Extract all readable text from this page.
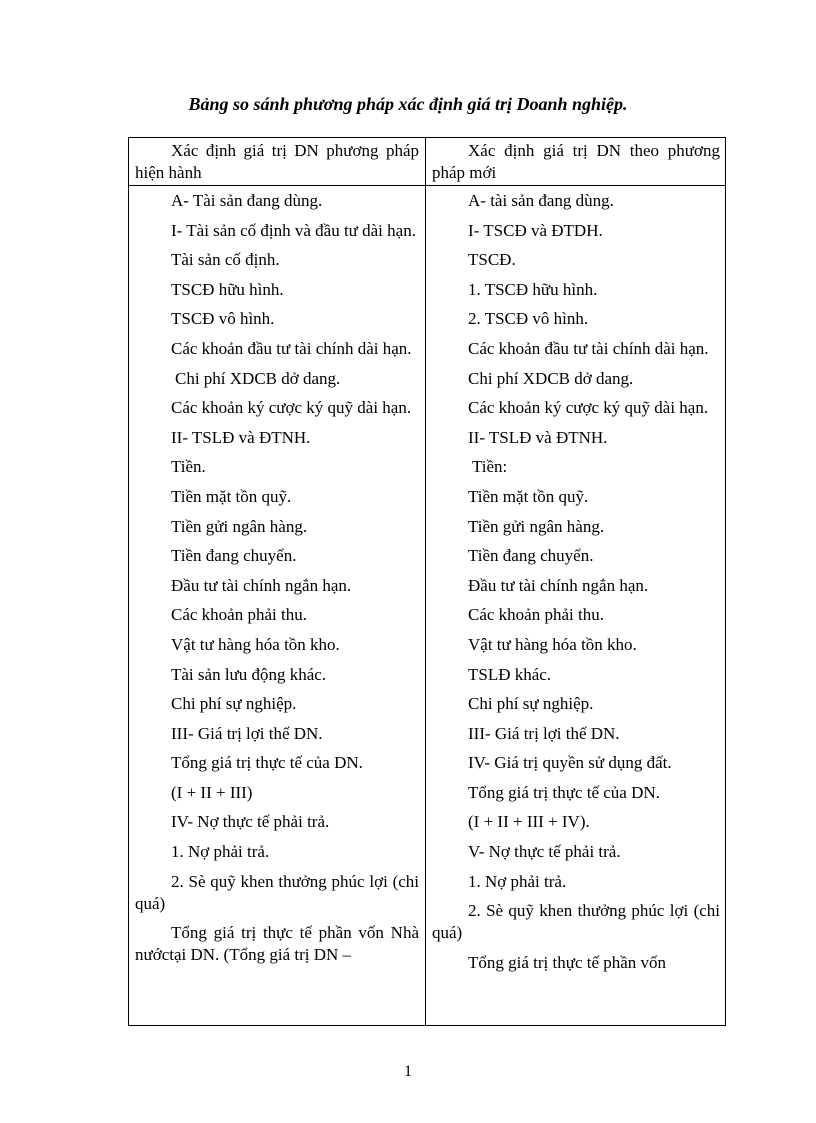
Bảng so sánh phương pháp xác định giá trị Doanh nghiệp.
Xác định giá trị DN phương pháp hiện hành
Xác định giá trị DN theo phương pháp mới
A- Tài sản đang dùng.
I- Tài sản cố định và đầu tư dài hạn.
Tài sản cố định.
TSCĐ hữu hình.
TSCĐ vô hình.
Các khoản đầu tư tài chính dài hạn.
Chi phí XDCB dở dang.
Các khoản ký cược ký quỹ dài hạn.
II- TSLĐ và ĐTNH.
Tiền.
Tiền mặt tồn quỹ.
Tiền gửi ngân hàng.
Tiền đang chuyển.
Đầu tư tài chính ngắn hạn.
Các khoản phải thu.
Vật tư hàng hóa tồn kho.
Tài sản lưu động khác.
Chi phí sự nghiệp.
III- Giá trị lợi thế DN.
Tổng giá trị thực tế của DN.
(I + II + III)
IV- Nợ thực tế phải trả.
1. Nợ phải trả.
2. Sè quỹ khen thưởng phúc lợi (chi quá)
Tổng giá trị thực tế phần vốn Nhà nướctại DN. (Tổng giá trị DN –
A- tài sản đang dùng.
I- TSCĐ và ĐTDH.
TSCĐ.
1. TSCĐ hữu hình.
2. TSCĐ vô hình.
Các khoản đầu tư tài chính dài hạn.
Chi phí XDCB dở dang.
Các khoản ký cược ký quỹ dài hạn.
II- TSLĐ và ĐTNH.
Tiền:
Tiền mặt tồn quỹ.
Tiền gửi ngân hàng.
Tiền đang chuyển.
Đầu tư tài chính ngắn hạn.
Các khoản phải thu.
Vật tư hàng hóa tồn kho.
TSLĐ khác.
Chi phí sự nghiệp.
III- Giá trị lợi thế DN.
IV- Giá trị quyền sử dụng đất.
Tổng giá trị thực tế của DN.
(I + II + III + IV).
V- Nợ thực tế phải trả.
1. Nợ phải trả.
2. Sè quỹ khen thưởng phúc lợi (chi quá)
Tổng giá trị thực tế phần vốn
1
